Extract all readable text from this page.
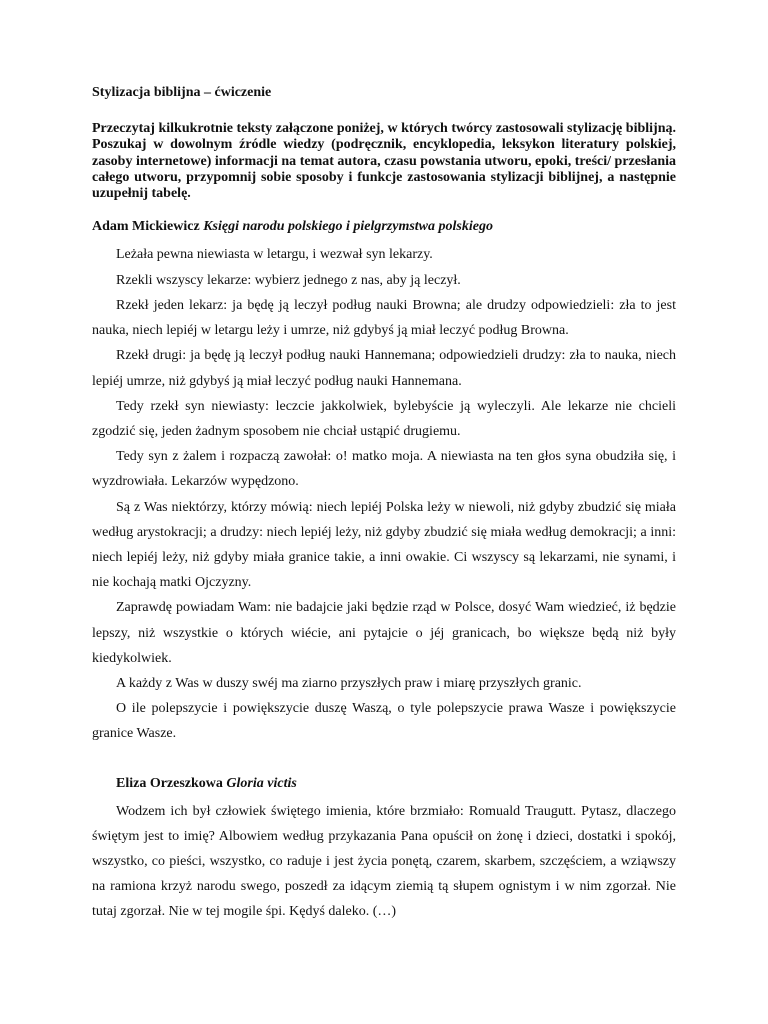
Stylizacja biblijna – ćwiczenie
Przeczytaj kilkukrotnie teksty załączone poniżej, w których twórcy zastosowali stylizację biblijną. Poszukaj w dowolnym źródle wiedzy (podręcznik, encyklopedia, leksykon literatury polskiej, zasoby internetowe) informacji na temat autora, czasu powstania utworu, epoki, treści/ przesłania całego utworu, przypomnij sobie sposoby i funkcje zastosowania stylizacji biblijnej, a następnie uzupełnij tabelę.
Adam Mickiewicz Księgi narodu polskiego i pielgrzymstwa polskiego

Leżała pewna niewiasta w letargu, i wezwał syn lekarzy.

Rzekli wszyscy lekarze: wybierz jednego z nas, aby ją leczył.

Rzekł jeden lekarz: ja będę ją leczył podług nauki Browna; ale drudzy odpowiedzieli: zła to jest nauka, niech lepiéj w letargu leży i umrze, niż gdybyś ją miał leczyć podług Browna.

Rzekł drugi: ja będę ją leczył podług nauki Hannemana; odpowiedzieli drudzy: zła to nauka, niech lepiéj umrze, niż gdybyś ją miał leczyć podług nauki Hannemana.

Tedy rzekł syn niewiasty: leczcie jakkolwiek, bylebyście ją wyleczyli. Ale lekarze nie chcieli zgodzić się, jeden żadnym sposobem nie chciał ustąpić drugiemu.

Tedy syn z żalem i rozpaczą zawołał: o! matko moja. A niewiasta na ten głos syna obudziła się, i wyzdrowiała. Lekarzów wypędzono.

Są z Was niektórzy, którzy mówią: niech lepiéj Polska leży w niewoli, niż gdyby zbudzić się miała według arystokracji; a drudzy: niech lepiéj leży, niż gdyby zbudzić się miała według demokracji; a inni: niech lepiéj leży, niż gdyby miała granice takie, a inni owakie. Ci wszyscy są lekarzami, nie synami, i nie kochają matki Ojczyzny.

Zaprawdę powiadam Wam: nie badajcie jaki będzie rząd w Polsce, dosyć Wam wiedzieć, iż będzie lepszy, niż wszystkie o których wiécie, ani pytajcie o jéj granicach, bo większe będą niż były kiedykolwiek.

A każdy z Was w duszy swéj ma ziarno przyszłych praw i miarę przyszłych granic.

O ile polepszycie i powiększycie duszę Waszą, o tyle polepszycie prawa Wasze i powiększycie granice Wasze.

Eliza Orzeszkowa Gloria victis

Wodzem ich był człowiek świętego imienia, które brzmiało: Romuald Traugutt. Pytasz, dlaczego świętym jest to imię? Albowiem według przykazania Pana opuścił on żonę i dzieci, dostatki i spokój, wszystko, co pieści, wszystko, co raduje i jest życia ponętą, czarem, skarbem, szczęściem, a wziąwszy na ramiona krzyż narodu swego, poszedł za idącym ziemią tą słupem ognistym i w nim zgorzał. Nie tutaj zgorzał. Nie w tej mogile śpi. Kędyś daleko. (…)
